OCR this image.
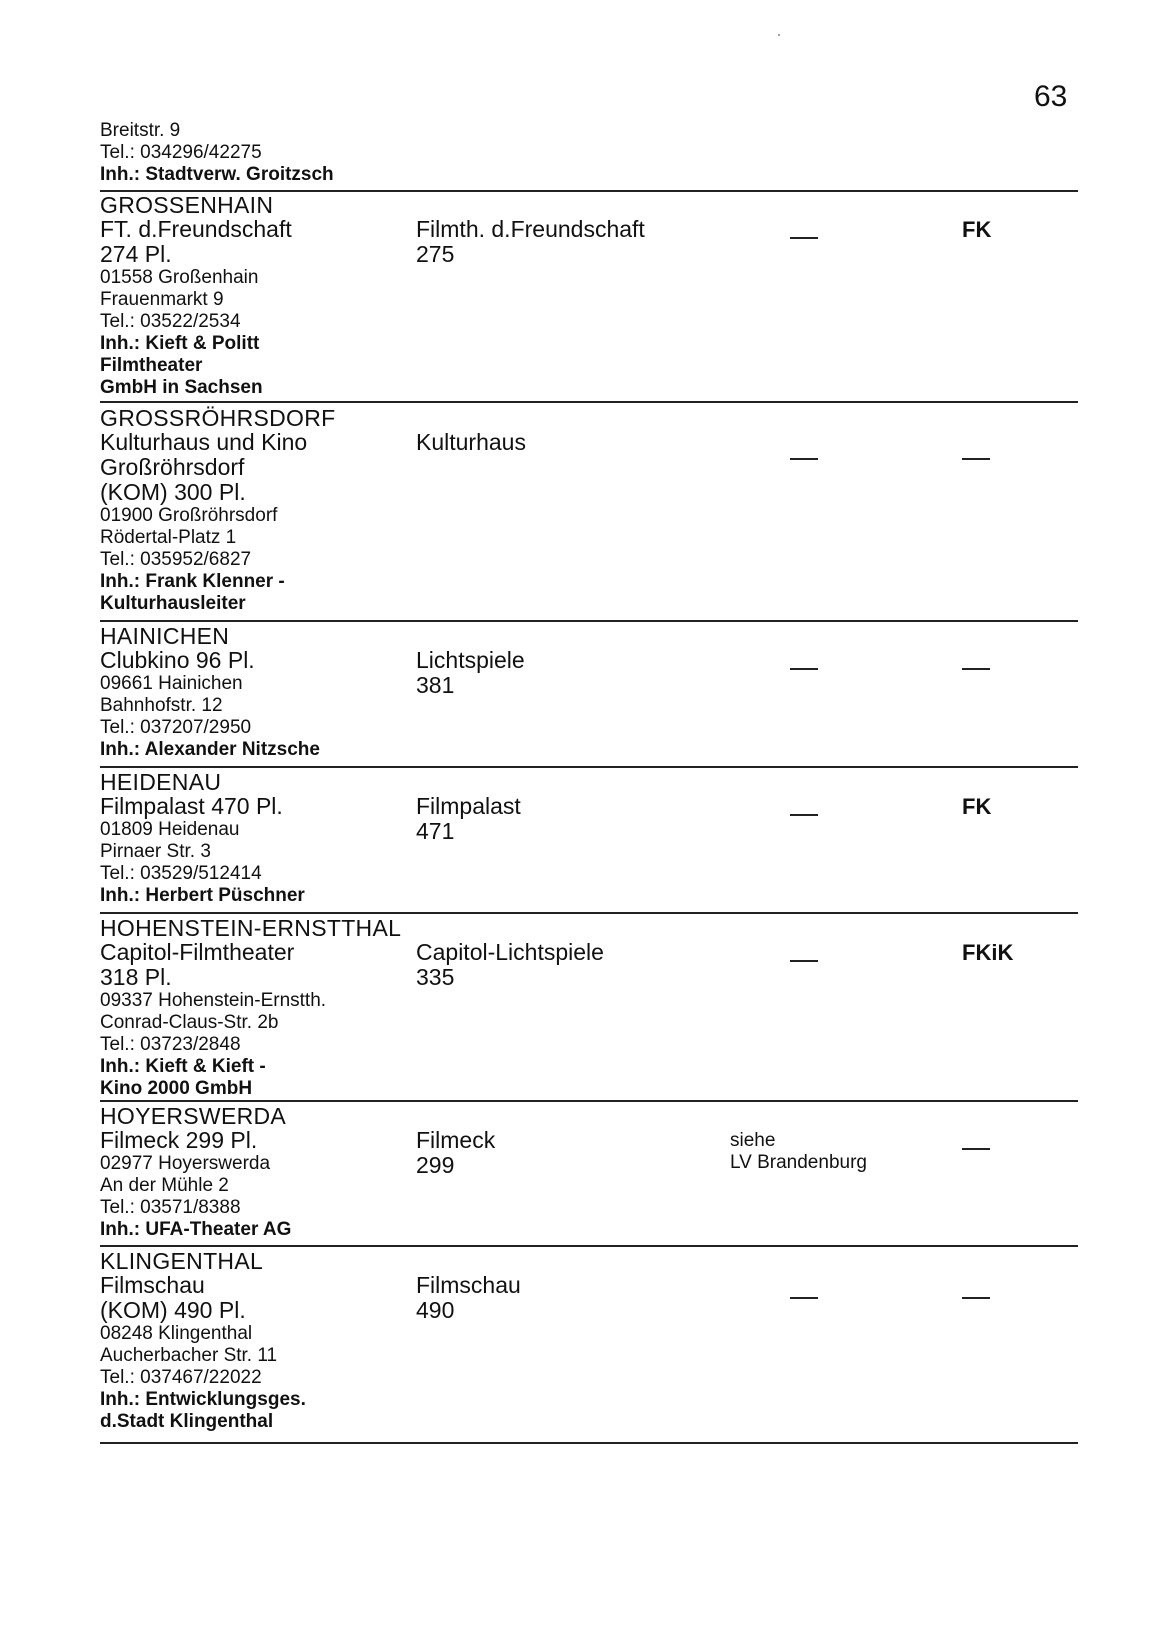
63
Breitstr. 9
Tel.: 034296/42275
Inh.: Stadtverw. Groitzsch
GROSSENHAIN
FT. d.Freundschaft
274 Pl.
01558 Großenhain
Frauenmarkt 9
Tel.: 03522/2534
Inh.: Kieft & Politt
Filmtheater
GmbH in Sachsen
Filmth. d.Freundschaft
275
FK
GROSSRÖHRSDORF
Kulturhaus und Kino
Großröhrsdorf
(KOM) 300 Pl.
01900 Großröhrsdorf
Rödertal-Platz 1
Tel.: 035952/6827
Inh.: Frank Klenner -
Kulturhausleiter
Kulturhaus
HAINICHEN
Clubkino 96 Pl.
09661 Hainichen
Bahnhofstr. 12
Tel.: 037207/2950
Inh.: Alexander Nitzsche
Lichtspiele
381
HEIDENAU
Filmpalast 470 Pl.
01809 Heidenau
Pirnaer Str. 3
Tel.: 03529/512414
Inh.: Herbert Püschner
Filmpalast
471
FK
HOHENSTEIN-ERNSTTHAL
Capitol-Filmtheater
318 Pl.
09337 Hohenstein-Ernstth.
Conrad-Claus-Str. 2b
Tel.: 03723/2848
Inh.: Kieft & Kieft -
Kino 2000 GmbH
Capitol-Lichtspiele
335
FKiK
HOYERSWERDA
Filmeck 299 Pl.
02977 Hoyerswerda
An der Mühle 2
Tel.: 03571/8388
Inh.: UFA-Theater AG
Filmeck
299
siehe
LV Brandenburg
KLINGENTHAL
Filmschau
(KOM) 490 Pl.
08248 Klingenthal
Aucherbacher Str. 11
Tel.: 037467/22022
Inh.: Entwicklungsges.
d.Stadt Klingenthal
Filmschau
490
